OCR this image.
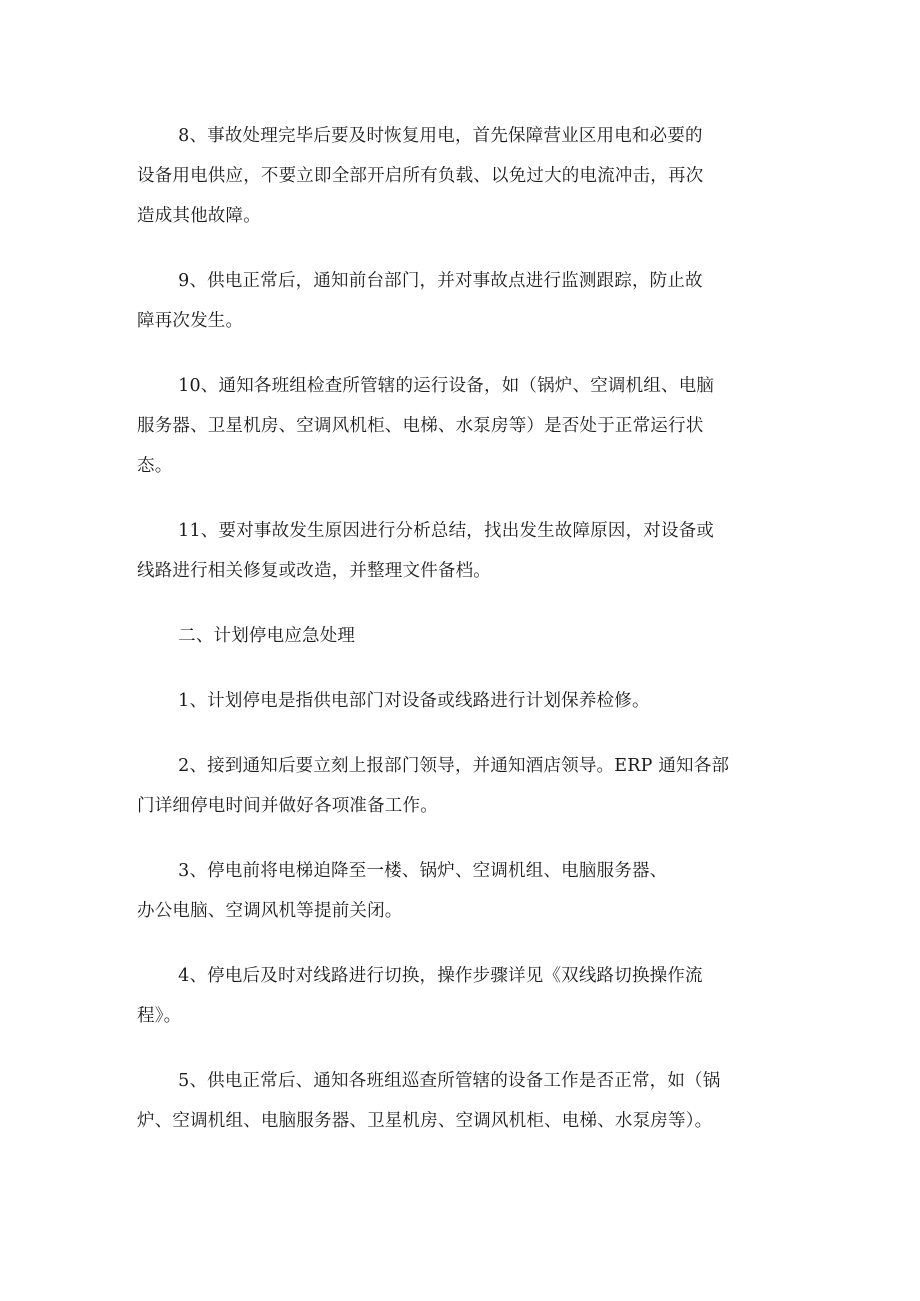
8、事故处理完毕后要及时恢复用电，首先保障营业区用电和必要的
设备用电供应，不要立即全部开启所有负载、以免过大的电流冲击，再次
造成其他故障。

9、供电正常后，通知前台部门，并对事故点进行监测跟踪，防止故
障再次发生。

10、通知各班组检查所管辖的运行设备，如（锅炉、空调机组、电脑
服务器、卫星机房、空调风机柜、电梯、水泵房等）是否处于正常运行状
态。

11、要对事故发生原因进行分析总结，找出发生故障原因，对设备或
线路进行相关修复或改造，并整理文件备档。

二、计划停电应急处理

1、计划停电是指供电部门对设备或线路进行计划保养检修。

2、接到通知后要立刻上报部门领导，并通知酒店领导。ERP 通知各部
门详细停电时间并做好各项准备工作。

3、停电前将电梯迫降至一楼、锅炉、空调机组、电脑服务器、
办公电脑、空调风机等提前关闭。

4、停电后及时对线路进行切换，操作步骤详见《双线路切换操作流
程》。

5、供电正常后、通知各班组巡查所管辖的设备工作是否正常，如（锅
炉、空调机组、电脑服务器、卫星机房、空调风机柜、电梯、水泵房等）。
